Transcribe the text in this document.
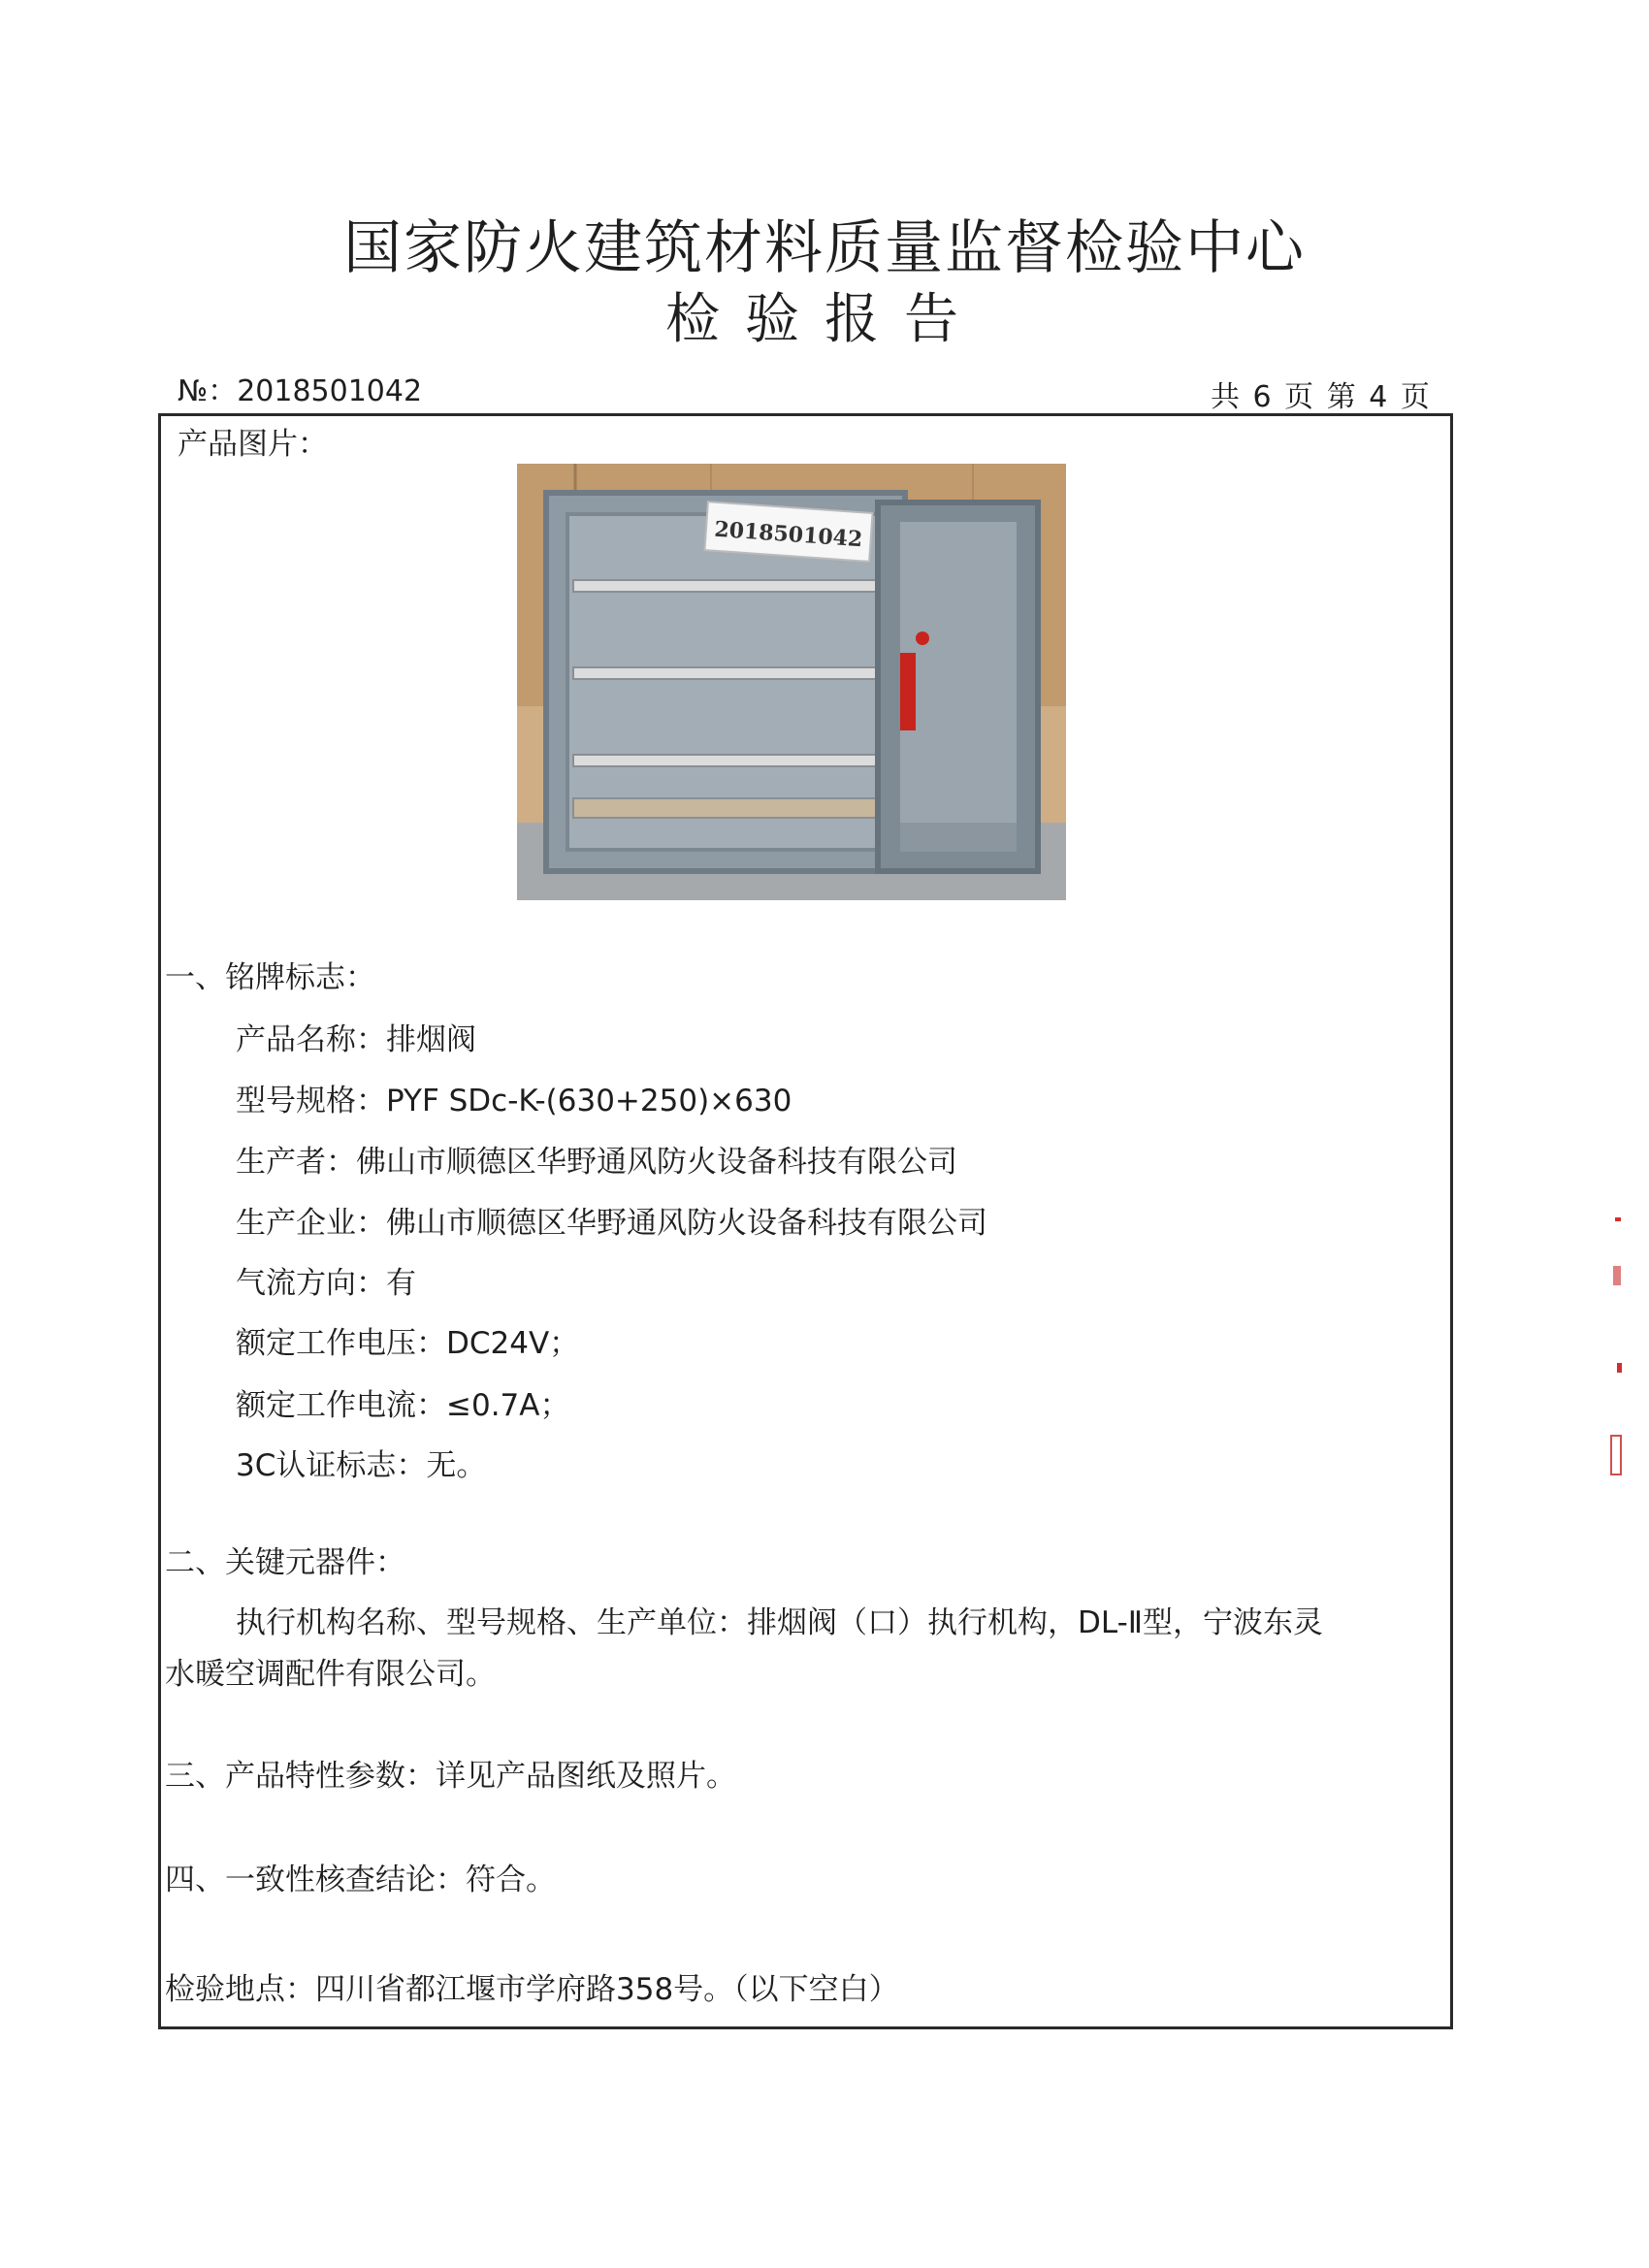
国家防火建筑材料质量监督检验中心
检验报告
№：2018501042	共 6 页 第 4 页
产品图片：
2018501042
一、铭牌标志：
产品名称：排烟阀
型号规格：PYF SDc-K-(630+250)×630
生产者：佛山市顺德区华野通风防火设备科技有限公司
生产企业：佛山市顺德区华野通风防火设备科技有限公司
气流方向：有
额定工作电压：DC24V；
额定工作电流：≤0.7A；
3C认证标志：无。
二、关键元器件：
执行机构名称、型号规格、生产单位：排烟阀（口）执行机构，DL-Ⅱ型，宁波东灵
水暖空调配件有限公司。
三、产品特性参数：详见产品图纸及照片。
四、一致性核查结论：符合。
检验地点：四川省都江堰市学府路358号。（以下空白）
